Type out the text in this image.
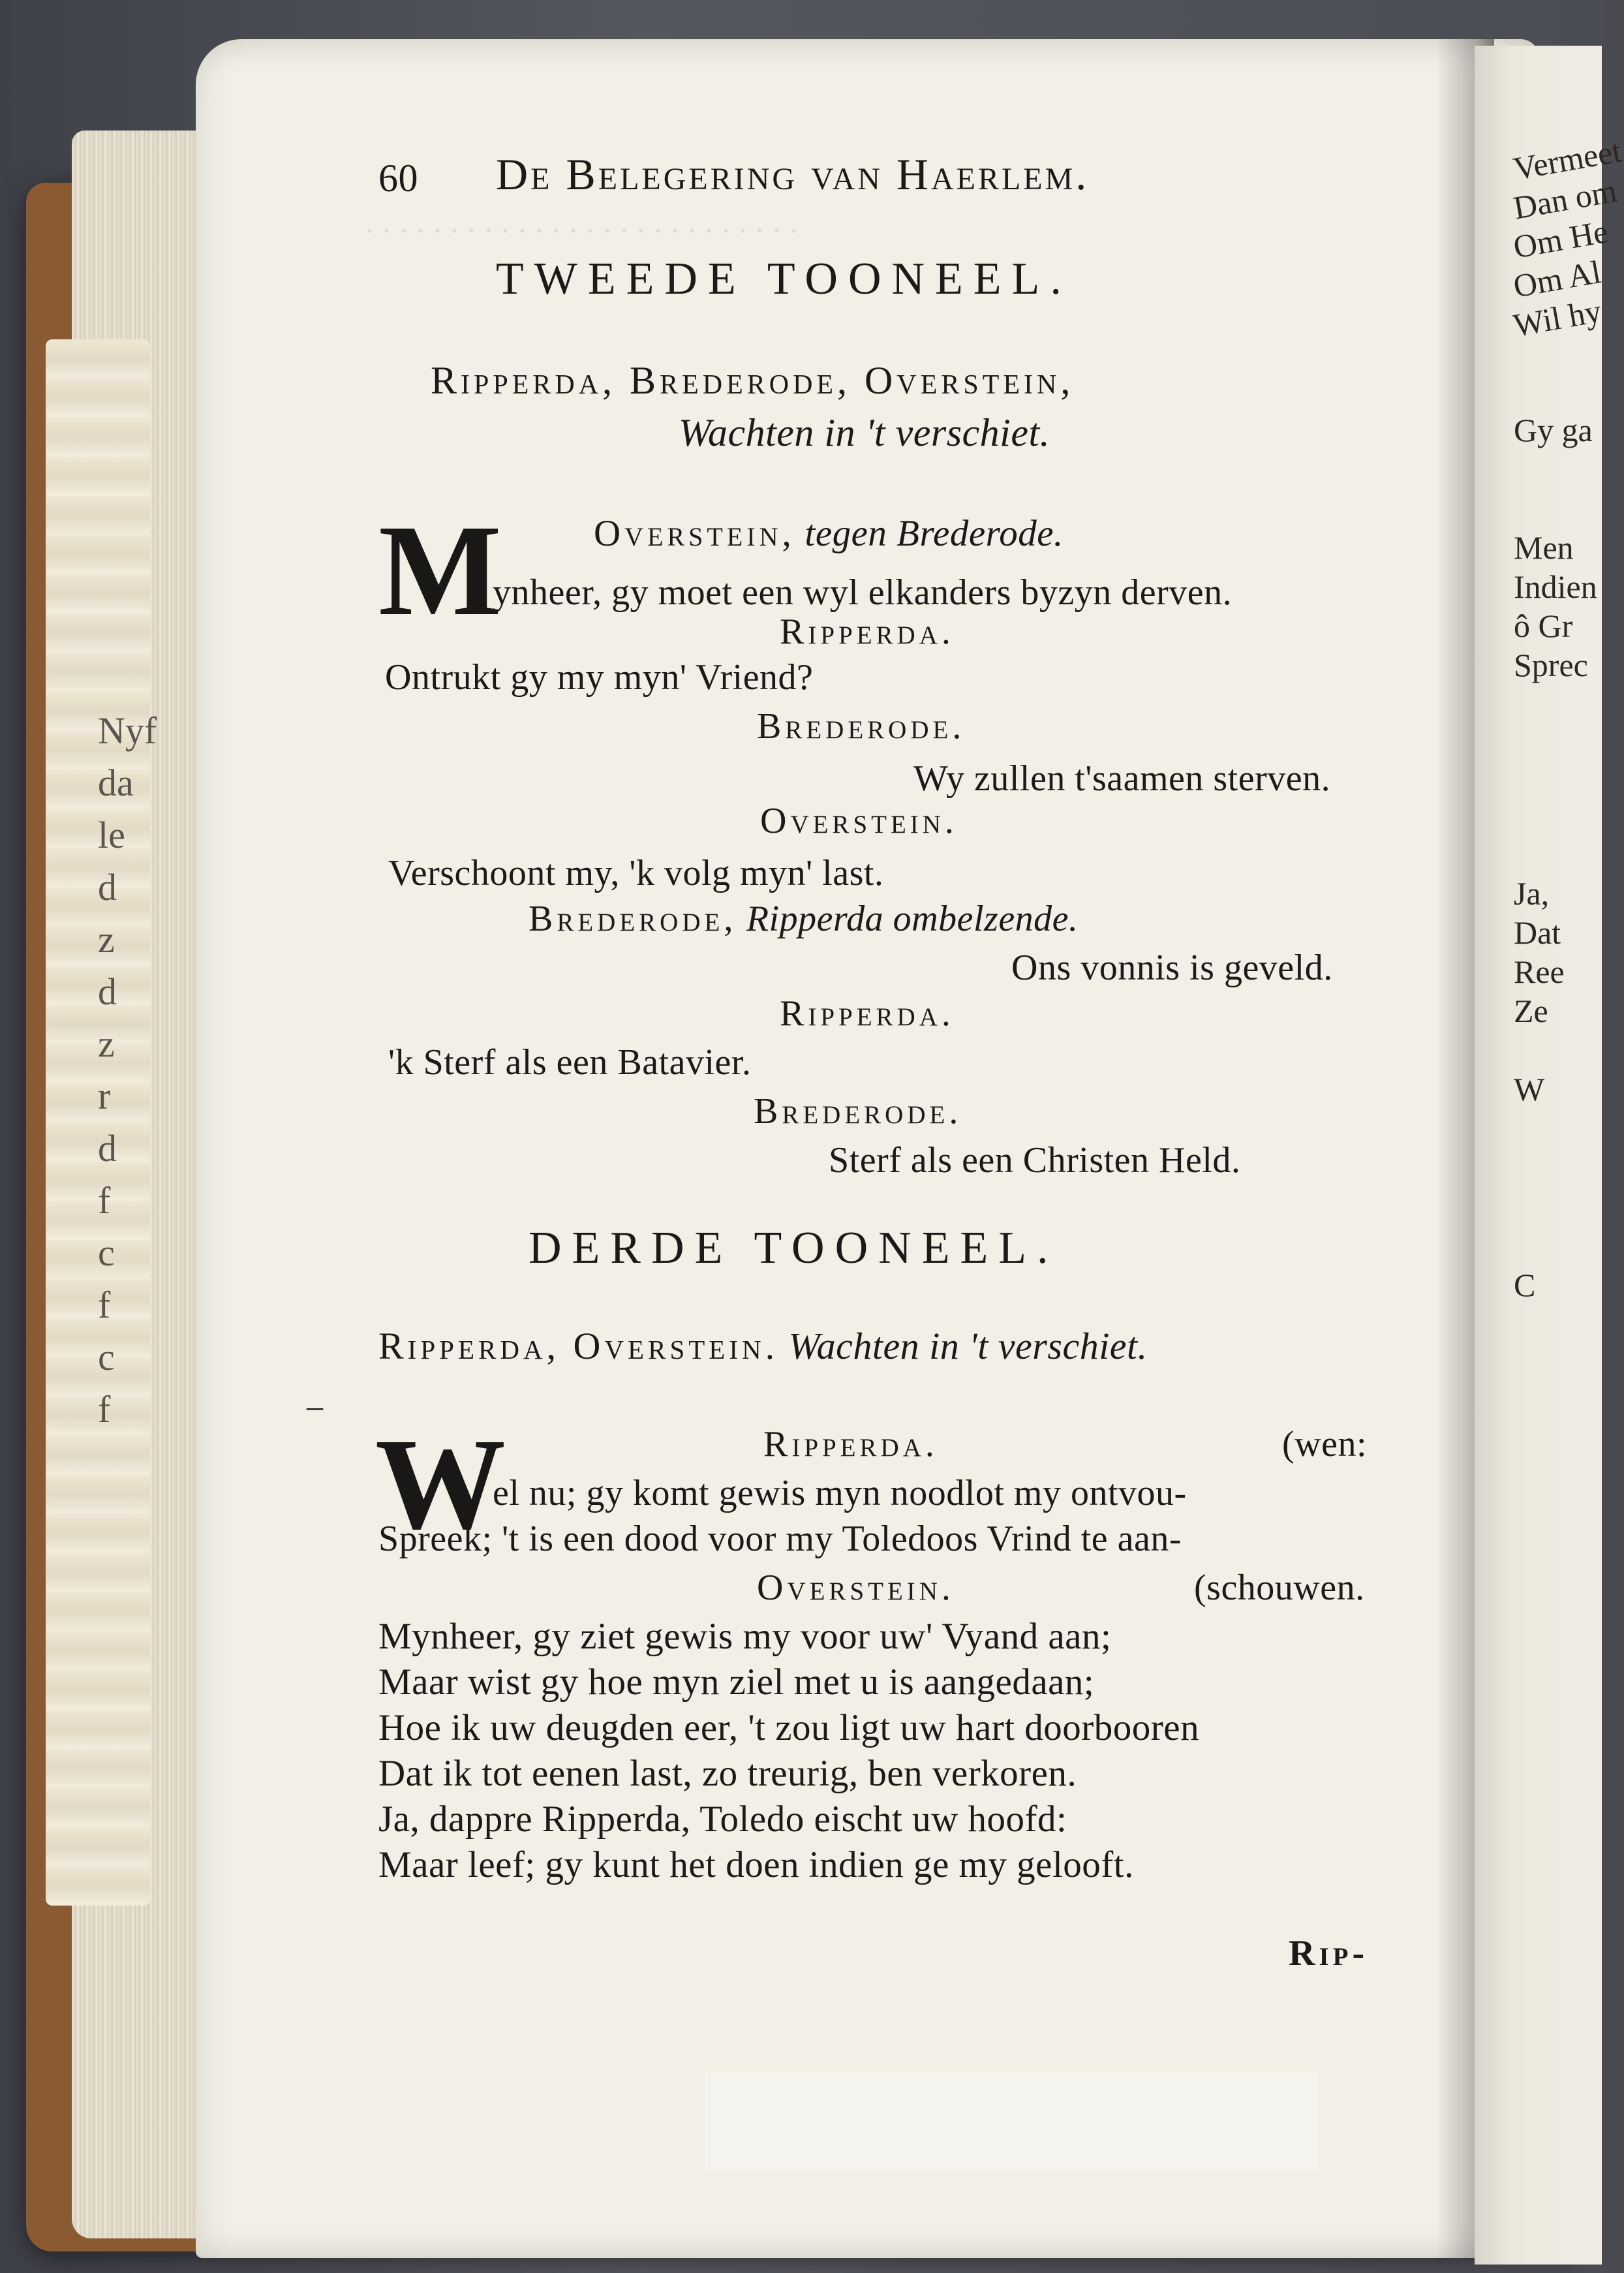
Nyf
da
le
d
z
d
z
r
d
f
c
f
c
f
Vermeet
Dan om
Om He
Om Al
Wil hy
Gy ga
Men
Indien
ô Gr
Sprec
Ja,
Dat
Ree
Ze
W
C
. . . . . . . . . . . . . . . . . . . . . . . . . .
60 De Belegering van Haerlem.
TWEEDE TOONEEL.
Ripperda, Brederode, Overstein,
Wachten in 't verschiet.
M Overstein, tegen Brederode.
ynheer, gy moet een wyl elkanders byzyn derven.
Ripperda.
Ontrukt gy my myn' Vriend?
Brederode.
Wy zullen t'saamen sterven.
Overstein.
Verschoont my, 'k volg myn' last.
Brederode, Ripperda ombelzende.
Ons vonnis is geveld.
Ripperda.
'k Sterf als een Batavier.
Brederode.
Sterf als een Christen Held.
DERDE TOONEEL.
Ripperda, Overstein. Wachten in 't verschiet.
–
W	Ripperda.	(wen:
el nu; gy komt gewis myn noodlot my ontvou-
Spreek; 't is een dood voor my Toledoos Vrind te aan-
Overstein.	(schouwen.
Mynheer, gy ziet gewis my voor uw' Vyand aan;
Maar wist gy hoe myn ziel met u is aangedaan;
Hoe ik uw deugden eer, 't zou ligt uw hart doorbooren
Dat ik tot eenen last, zo treurig, ben verkoren.
Ja, dappre Ripperda, Toledo eischt uw hoofd:
Maar leef; gy kunt het doen indien ge my gelooft.
Rip-
